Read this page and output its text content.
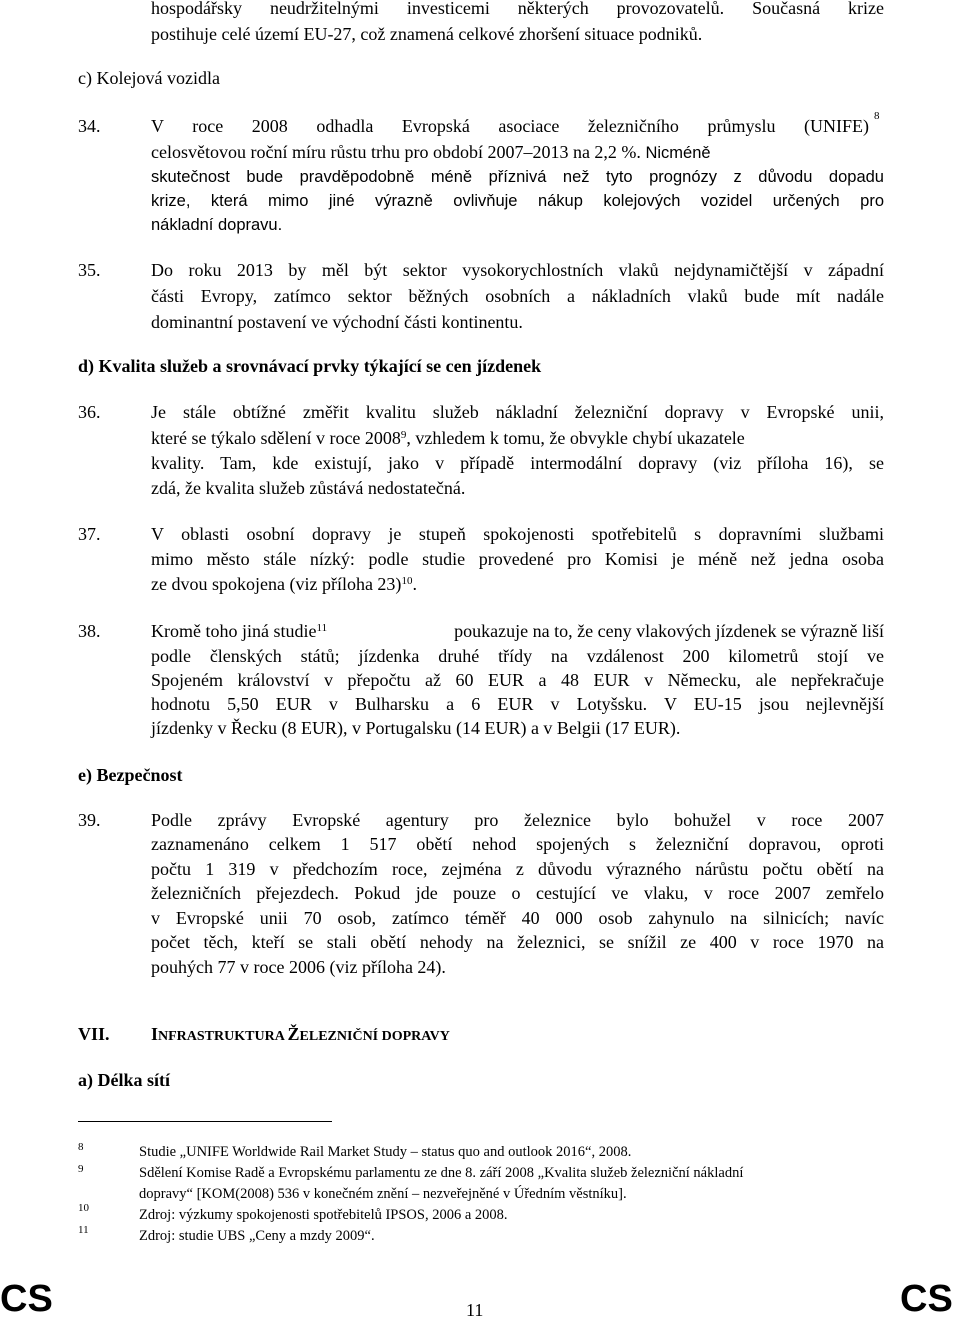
hospodářsky neudržitelnými investicemi některých provozovatelů. Současná krize
postihuje celé území EU-27, což znamená celkové zhoršení situace podniků.
c) Kolejová vozidla
34.	V roce 2008 odhadla Evropská asociace železničního průmyslu (UNIFE) 8
celosvětovou roční míru růstu trhu pro období 2007–2013 na 2,2 %. Nicméně
skutečnost bude pravděpodobně méně příznivá než tyto prognózy z důvodu dopadu
krize, která mimo jiné výrazně ovlivňuje nákup kolejových vozidel určených pro
nákladní dopravu.
35.	Do roku 2013 by měl být sektor vysokorychlostních vlaků nejdynamičtější v západní
části Evropy, zatímco sektor běžných osobních a nákladních vlaků bude mít nadále
dominantní postavení ve východní části kontinentu.
d) Kvalita služeb a srovnávací prvky týkající se cen jízdenek
36.	Je stále obtížné změřit kvalitu služeb nákladní železniční dopravy v Evropské unii,
které se týkalo sdělení v roce 2008$^9$, vzhledem k tomu, že obvykle chybí ukazatele
kvality. Tam, kde existují, jako v případě intermodální dopravy (viz příloha 16), se
zdá, že kvalita služeb zůstává nedostatečná.
37.	V oblasti osobní dopravy je stupeň spokojenosti spotřebitelů s dopravními službami
mimo město stále nízký: podle studie provedené pro Komisi je méně než jedna osoba
ze dvou spokojena (viz příloha 23)$^{10}$.
38.	Kromě toho jiná studie$^{11}$	poukazuje na to, že ceny vlakových jízdenek se výrazně liší
podle členských států; jízdenka druhé třídy na vzdálenost 200 kilometrů stojí ve
Spojeném království v přepočtu až 60 EUR a 48 EUR v Německu, ale nepřekračuje
hodnotu 5,50 EUR v Bulharsku a 6 EUR v Lotyšsku. V EU-15 jsou nejlevnější
jízdenky v Řecku (8 EUR), v Portugalsku (14 EUR) a v Belgii (17 EUR).
e) Bezpečnost
39.	Podle zprávy Evropské agentury pro železnice bylo bohužel v roce 2007
zaznamenáno celkem 1 517 obětí nehod spojených s železniční dopravou, oproti
počtu 1 319 v předchozím roce, zejména z důvodu výrazného nárůstu počtu obětí na
železničních přejezdech. Pokud jde pouze o cestující ve vlaku, v roce 2007 zemřelo
v Evropské unii 70 osob, zatímco téměř 40 000 osob zahynulo na silnicích; navíc
počet těch, kteří se stali obětí nehody na železnici, se snížil ze 400 v roce 1970 na
pouhých 77 v roce 2006 (viz příloha 24).
VII. INFRASTRUKTURA ŽELEZNIČNÍ DOPRAVY
a) Délka sítí
8	Studie „UNIFE Worldwide Rail Market Study – status quo and outlook 2016“, 2008.
9	Sdělení Komise Radě a Evropskému parlamentu ze dne 8. září 2008 „Kvalita služeb železniční nákladní
dopravy“ [KOM(2008) 536 v konečném znění – nezveřejněné v Úředním věstníku].
10	Zdroj: výzkumy spokojenosti spotřebitelů IPSOS, 2006 a 2008.
11	Zdroj: studie UBS „Ceny a mzdy 2009“.
CS	11	CS
